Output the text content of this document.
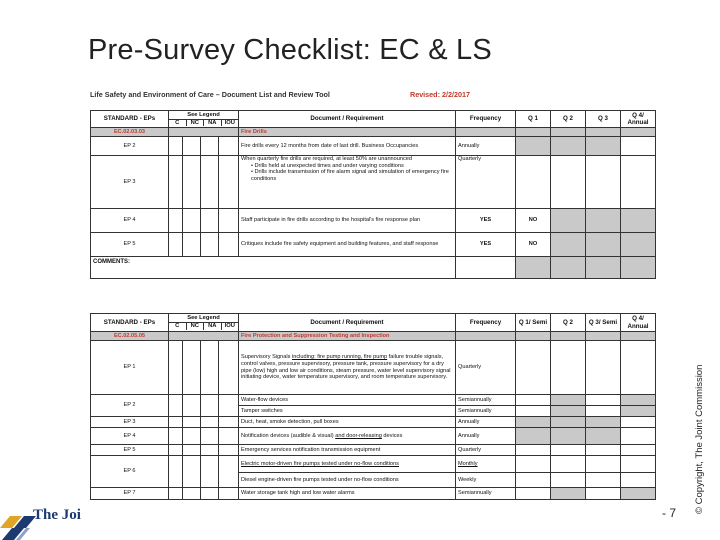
Pre-Survey Checklist: EC & LS
Life Safety and Environment of Care – Document List and Review Tool	Revised: 2/2/2017
STANDARD - EPs	See Legend
C NC NA IOU				Document / Requirement	Frequency	Q 1	Q 2	Q 3	Q 4/ Annual
EC.02.03.03					Fire Drills					
EP 2					Fire drills every 12 months from date of last drill. Business Occupancies	Annually				
EP 3					When quarterly fire drills are required, at least 50% are unannounced
• Drills held at unexpected times and under varying conditions
• Drills include transmission of fire alarm signal and simulation of emergency fire conditions	Quarterly				
EP 4					Staff participate in fire drills according to the hospital's fire response plan	YES	NO			
EP 5					Critiques include fire safety equipment and building features, and staff response	YES	NO			
COMMENTS:										
STANDARD - EPs	See Legend
C NC NA IOU				Document / Requirement	Frequency	Q 1/ Semi	Q 2	Q 3/ Semi	Q 4/ Annual
EC.02.05.05					Fire Protection and Suppression Testing and Inspection					
EP 1					Supervisory Signals including: fire pump running, fire pump failure trouble signals, control valves, pressure supervisory, pressure tank, pressure supervisory for a dry pipe (low) high and low air conditions, steam pressure, water level supervisory signal initiating device, water temperature supervisory, and room temperature supervisory.	Quarterly				
EP 2					Water-flow devices	Semiannually				
					Tamper switches	Semiannually				
EP 3					Duct, heat, smoke detection, pull boxes	Annually				
EP 4					Notification devices (audible & visual) and door-releasing devices	Annually				
EP 5					Emergency services notification transmission equipment	Quarterly				
EP 6					Electric motor-driven fire pumps tested under no-flow conditions	Monthly				
					Diesel engine-driven fire pumps tested under no-flow conditions	Weekly				
EP 7					Water storage tank high and low water alarms	Semiannually				
The Joi	- 7 © Copyright, The Joint Commission
